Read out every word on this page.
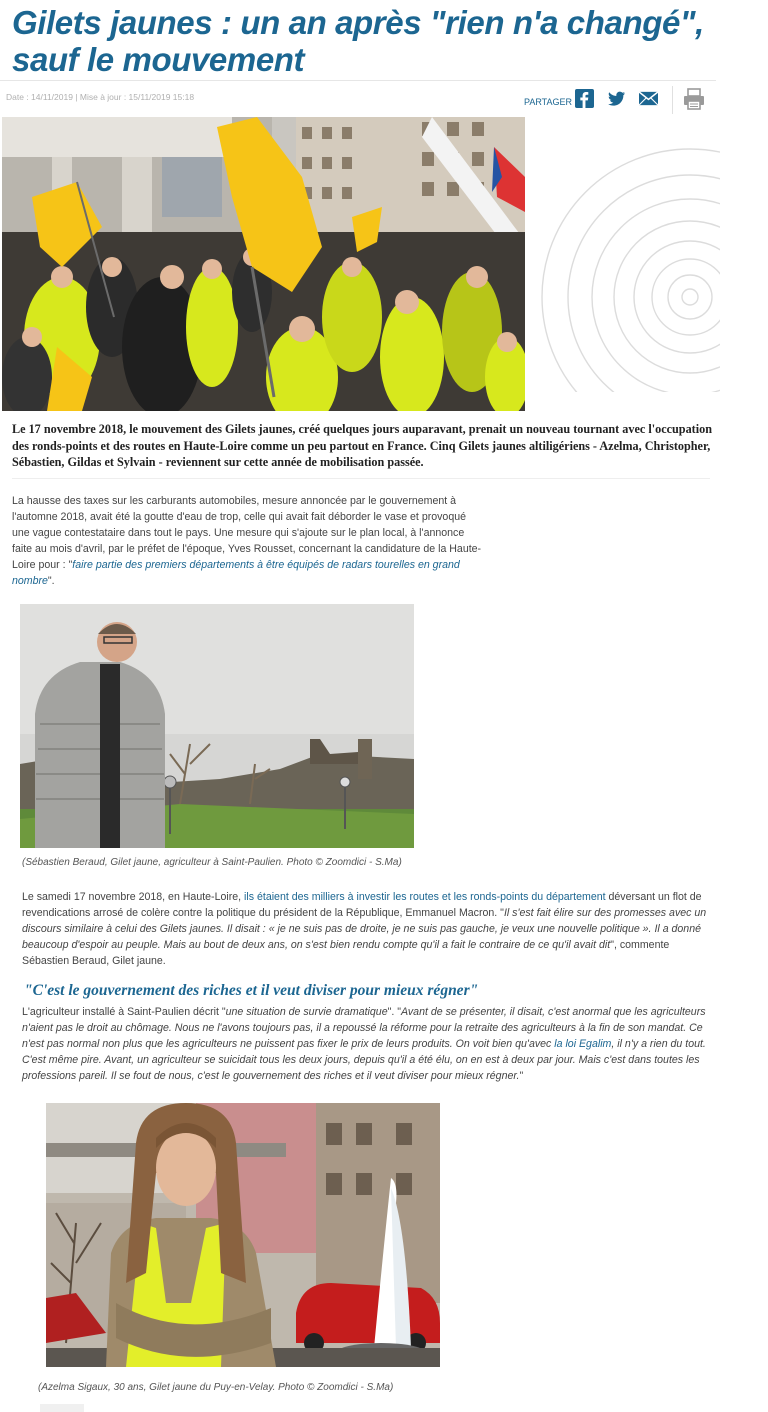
Gilets jaunes : un an après "rien n'a changé", sauf le mouvement
Date : 14/11/2019 | Mise à jour : 15/11/2019 15:18	PARTAGER

Le 17 novembre 2018, le mouvement des Gilets jaunes, créé quelques jours auparavant, prenait un nouveau tournant avec l'occupation des ronds-points et des routes en Haute-Loire comme un peu partout en France. Cinq Gilets jaunes altiligériens - Azelma, Christopher, Sébastien, Gildas et Sylvain - reviennent sur cette année de mobilisation passée.

La hausse des taxes sur les carburants automobiles, mesure annoncée par le gouvernement à l'automne 2018, avait été la goutte d'eau de trop, celle qui avait fait déborder le vase et provoqué une vague contestataire dans tout le pays. Une mesure qui s'ajoute sur le plan local, à l'annonce faite au mois d'avril, par le préfet de l'époque, Yves Rousset, concernant la candidature de la Haute-Loire pour : "faire partie des premiers départements à être équipés de radars tourelles en grand nombre".

(Sébastien Beraud, Gilet jaune, agriculteur à Saint-Paulien. Photo © Zoomdici - S.Ma)

Le samedi 17 novembre 2018, en Haute-Loire, ils étaient des milliers à investir les routes et les ronds-points du département déversant un flot de revendications arrosé de colère contre la politique du président de la République, Emmanuel Macron. "Il s'est fait élire sur des promesses avec un discours similaire à celui des Gilets jaunes. Il disait : « je ne suis pas de droite, je ne suis pas gauche, je veux une nouvelle politique ». Il a donné beaucoup d'espoir au peuple. Mais au bout de deux ans, on s'est bien rendu compte qu'il a fait le contraire de ce qu'il avait dit", commente Sébastien Beraud, Gilet jaune.

"C'est le gouvernement des riches et il veut diviser pour mieux régner"

L'agriculteur installé à Saint-Paulien décrit "une situation de survie dramatique". "Avant de se présenter, il disait, c'est anormal que les agriculteurs n'aient pas le droit au chômage. Nous ne l'avons toujours pas, il a repoussé la réforme pour la retraite des agriculteurs à la fin de son mandat. Ce n'est pas normal non plus que les agriculteurs ne puissent pas fixer le prix de leurs produits. On voit bien qu'avec la loi Egalim, il n'y a rien du tout. C'est même pire. Avant, un agriculteur se suicidait tous les deux jours, depuis qu'il a été élu, on en est à deux par jour. Mais c'est dans toutes les professions pareil. Il se fout de nous, c'est le gouvernement des riches et il veut diviser pour mieux régner."

(Azelma Sigaux, 30 ans, Gilet jaune du Puy-en-Velay. Photo © Zoomdici - S.Ma)
